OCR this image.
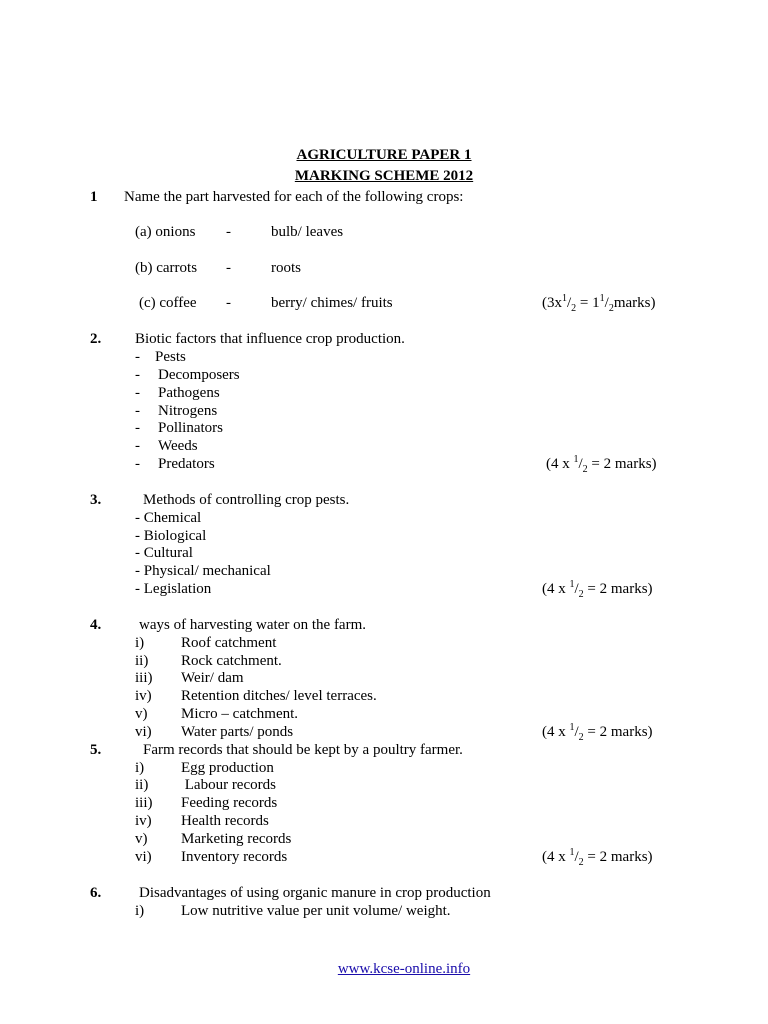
AGRICULTURE PAPER 1
MARKING SCHEME 2012
1 Name the part harvested for each of the following crops:
(a) onions -	bulb/ leaves
(b) carrots -	roots
(c) coffee -	berry/ chimes/ fruits	($3x^1/_2$ = $1^1/_2marks$)
2. Biotic factors that influence crop production.
- Pests
- Decomposers
- Pathogens
- Nitrogens
- Pollinators
- Weeds
- Predators	(4 x $^1/_2 = 2$ marks)
3.	Methods of controlling crop pests.
- Chemical
- Biological
- Cultural
- Physical/ mechanical
- Legislation	(4 x $^1/_2 = 2$ marks)
4.	ways of harvesting water on the farm.
i) Roof catchment
ii) Rock catchment.
iii) Weir/ dam
iv) Retention ditches/ level terraces.
v) Micro – catchment.
vi) Water parts/ ponds	(4 x $^1/_2 = 2$ marks)
5.	Farm records that should be kept by a poultry farmer.
i) Egg production
ii) Labour records
iii) Feeding records
iv) Health records
v) Marketing records
vi) Inventory records	(4 x $^1/_2 = 2$ marks)
6.	Disadvantages of using organic manure in crop production
i) Low nutritive value per unit volume/ weight.
www.kcse-online.info
